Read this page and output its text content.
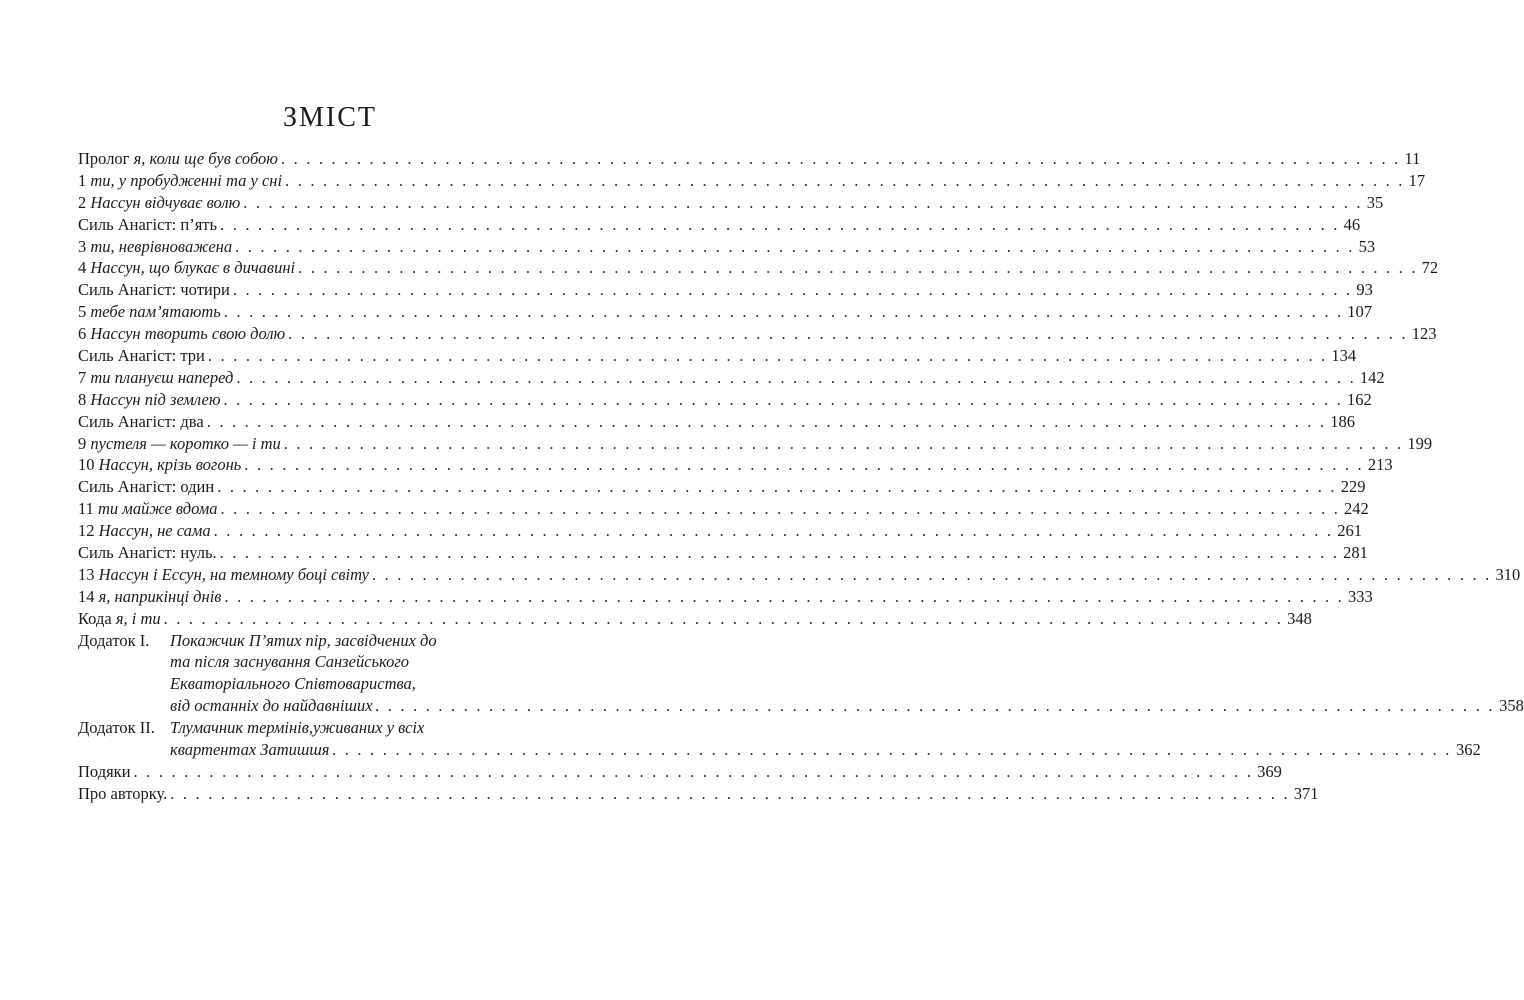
ЗМІСТ
Пролог я, коли ще був собою . . .	11
1 ти, у пробудженні та у сні . . .	17
2 Нассун відчуває волю . . .	35
Силь Анагіст: п’ять . . .	46
3 ти, неврівноважена . . .	53
4 Нассун, що блукає в дичавині . . .	72
Силь Анагіст: чотири . . .	93
5 тебе пам’ятають . . .	107
6 Нассун творить свою долю . . .	123
Силь Анагіст: три . . .	134
7 ти плануєш наперед . . .	142
8 Нассун під землею . . .	162
Силь Анагіст: два . . .	186
9 пустеля — коротко — і ти . . .	199
10 Нассун, крізь вогонь . . .	213
Силь Анагіст: один . . .	229
11 ти майже вдома . . .	242
12 Нассун, не сама . . .	261
Силь Анагіст: нуль. . . .	281
13 Нассун і Ессун, на темному боці світу . . .	310
14 я, наприкінці днів . . .	333
Кода я, і ти . . .	348
Додаток I.	Покажчик П’ятих пір, засвідчених до
та після заснування Санзейського
Екваторіального Співтовариства,
від останніх до найдавніших . . .	358
Додаток II. Тлумачник термінів,уживаних у всіх
квартентах Затишшя . . .	362
Подяки . . .	369
Про авторку. . . .	371
